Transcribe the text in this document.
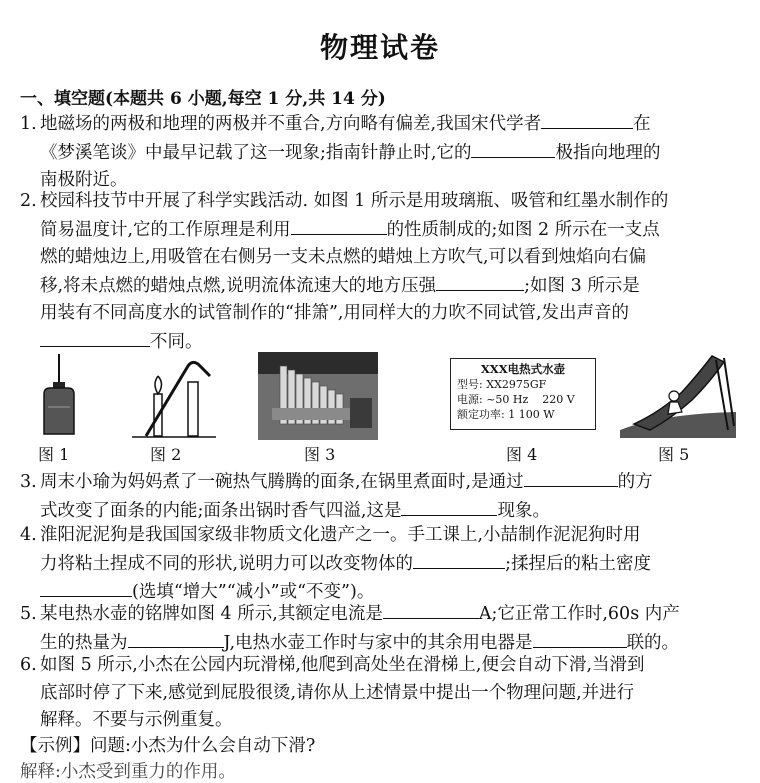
物理试卷
一、填空题(本题共 6 小题,每空 1 分,共 14 分)
1. 地磁场的两极和地理的两极并不重合,方向略有偏差,我国宋代学者	在
《梦溪笔谈》中最早记载了这一现象;指南针静止时,它的	极指向地理的
南极附近。
2. 校园科技节中开展了科学实践活动. 如图 1 所示是用玻璃瓶、吸管和红墨水制作的
简易温度计,它的工作原理是利用	的性质制成的;如图 2 所示在一支点
燃的蜡烛边上,用吸管在右侧另一支未点燃的蜡烛上方吹气,可以看到烛焰向右偏
移,将未点燃的蜡烛点燃,说明流体流速大的地方压强	;如图 3 所示是
用装有不同高度水的试管制作的“排箫”,用同样大的力吹不同试管,发出声音的
不同。
XXX电热式水壶
型号: XX2975GF
电源: ~50 Hz    220 V
额定功率: 1 100 W
图 1	图 2	图 3	图 4	图 5
3. 周末小瑜为妈妈煮了一碗热气腾腾的面条,在锅里煮面时,是通过	的方
式改变了面条的内能;面条出锅时香气四溢,这是	现象。
4. 淮阳泥泥狗是我国国家级非物质文化遗产之一。手工课上,小喆制作泥泥狗时用
力将粘土捏成不同的形状,说明力可以改变物体的	;揉捏后的粘土密度
(选填“增大”“减小”或“不变”)。
5. 某电热水壶的铭牌如图 4 所示,其额定电流是	A;它正常工作时,60s 内产
生的热量为	J,电热水壶工作时与家中的其余用电器是	联的。
6. 如图 5 所示,小杰在公园内玩滑梯,他爬到高处坐在滑梯上,便会自动下滑,当滑到
底部时停了下来,感觉到屁股很烫,请你从上述情景中提出一个物理问题,并进行
解释。不要与示例重复。
【示例】问题:小杰为什么会自动下滑?
解释:小杰受到重力的作用。
